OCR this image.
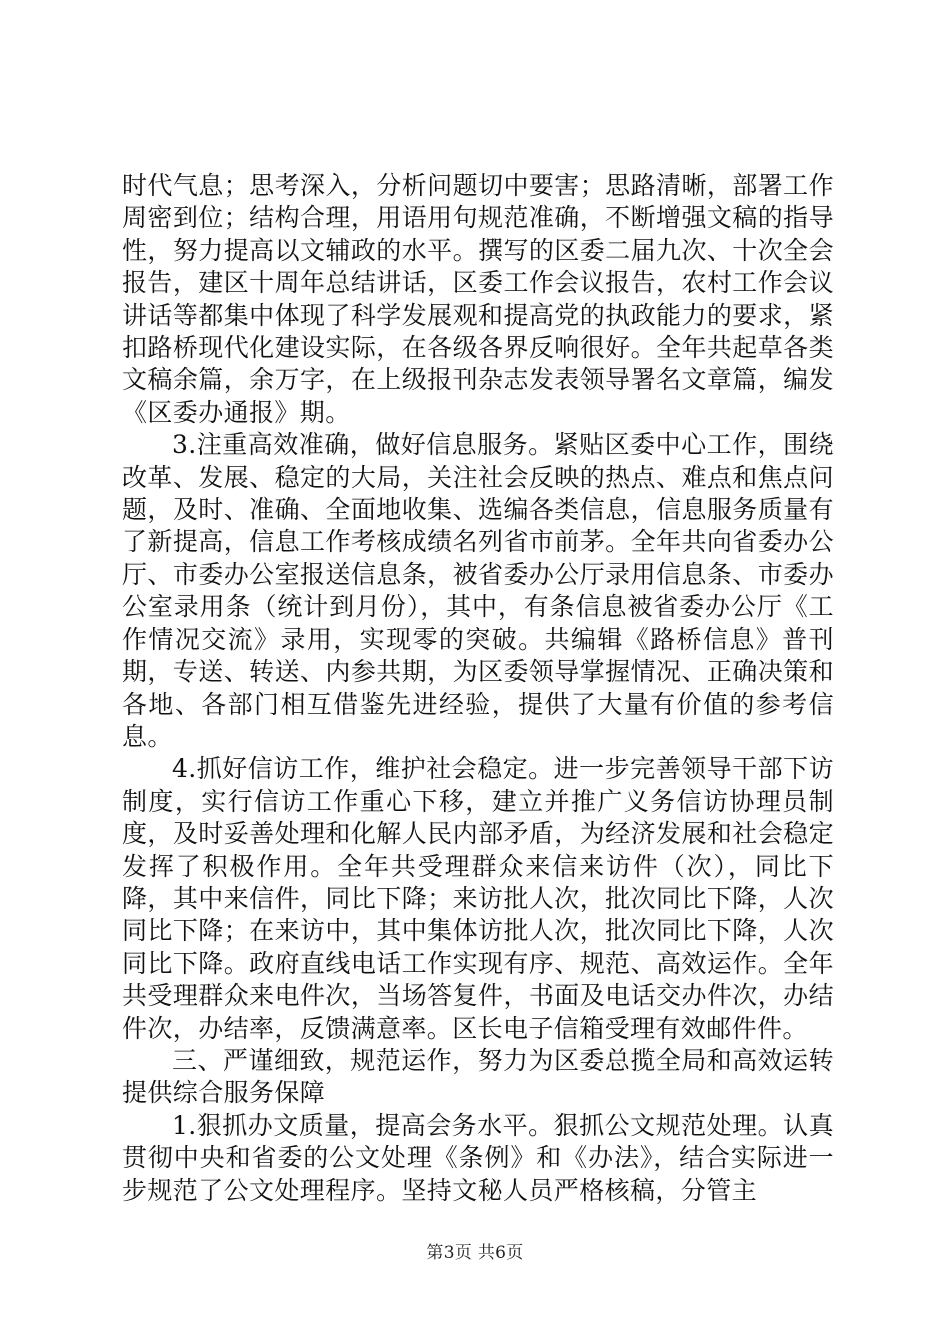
时代气息；思考深入，分析问题切中要害；思路清晰，部署工作周密到位；结构合理，用语用句规范准确，不断增强文稿的指导性，努力提高以文辅政的水平。撰写的区委二届九次、十次全会报告，建区十周年总结讲话，区委工作会议报告，农村工作会议讲话等都集中体现了科学发展观和提高党的执政能力的要求，紧扣路桥现代化建设实际，在各级各界反响很好。全年共起草各类文稿余篇，余万字，在上级报刊杂志发表领导署名文章篇，编发《区委办通报》期。

3.注重高效准确，做好信息服务。紧贴区委中心工作，围绕改革、发展、稳定的大局，关注社会反映的热点、难点和焦点问题，及时、准确、全面地收集、选编各类信息，信息服务质量有了新提高，信息工作考核成绩名列省市前茅。全年共向省委办公厅、市委办公室报送信息条，被省委办公厅录用信息条、市委办公室录用条（统计到月份），其中，有条信息被省委办公厅《工作情况交流》录用，实现零的突破。共编辑《路桥信息》普刊期，专送、转送、内参共期，为区委领导掌握情况、正确决策和各地、各部门相互借鉴先进经验，提供了大量有价值的参考信息。

4.抓好信访工作，维护社会稳定。进一步完善领导干部下访制度，实行信访工作重心下移，建立并推广义务信访协理员制度，及时妥善处理和化解人民内部矛盾，为经济发展和社会稳定发挥了积极作用。全年共受理群众来信来访件（次），同比下降，其中来信件，同比下降；来访批人次，批次同比下降，人次同比下降；在来访中，其中集体访批人次，批次同比下降，人次同比下降。政府直线电话工作实现有序、规范、高效运作。全年共受理群众来电件次，当场答复件，书面及电话交办件次，办结件次，办结率，反馈满意率。区长电子信箱受理有效邮件件。

三、严谨细致，规范运作，努力为区委总揽全局和高效运转提供综合服务保障

1.狠抓办文质量，提高会务水平。狠抓公文规范处理。认真贯彻中央和省委的公文处理《条例》和《办法》，结合实际进一步规范了公文处理程序。坚持文秘人员严格核稿，分管主

第3页 共6页
